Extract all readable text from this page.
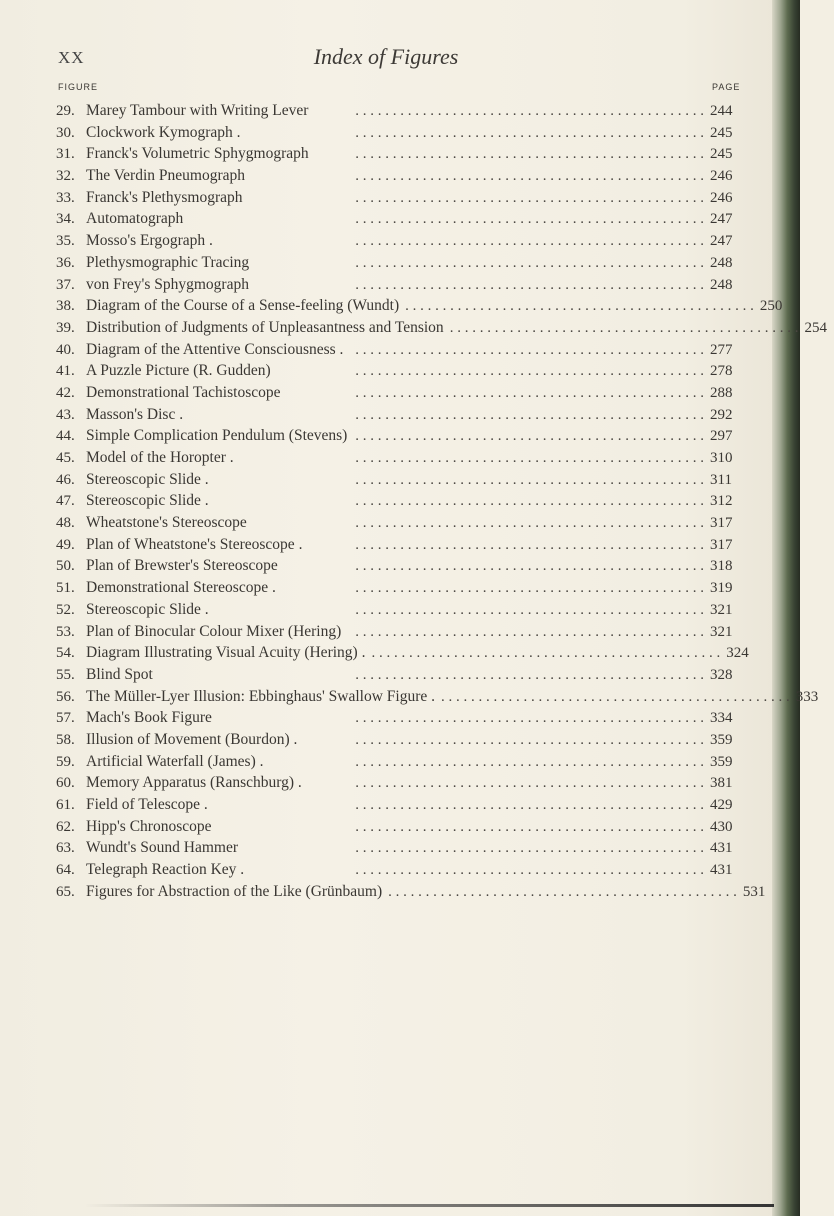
XX	Index of Figures
FIGURE	PAGE
29. Marey Tambour with Writing Lever	. . . . . . . . . . . . . . . . . . . . . . . . . . . . . . . . . . . . . . . . . . . . . . . 244
30. Clockwork Kymograph .	. . . . . . . . . . . . . . . . . . . . . . . . . . . . . . . . . . . . . . . . . . . . . . . 245
31. Franck's Volumetric Sphygmograph	. . . . . . . . . . . . . . . . . . . . . . . . . . . . . . . . . . . . . . . . . . . . . . . 245
32. The Verdin Pneumograph	. . . . . . . . . . . . . . . . . . . . . . . . . . . . . . . . . . . . . . . . . . . . . . . 246
33. Franck's Plethysmograph	. . . . . . . . . . . . . . . . . . . . . . . . . . . . . . . . . . . . . . . . . . . . . . . 246
34. Automatograph	. . . . . . . . . . . . . . . . . . . . . . . . . . . . . . . . . . . . . . . . . . . . . . . 247
35. Mosso's Ergograph .	. . . . . . . . . . . . . . . . . . . . . . . . . . . . . . . . . . . . . . . . . . . . . . . 247
36. Plethysmographic Tracing	. . . . . . . . . . . . . . . . . . . . . . . . . . . . . . . . . . . . . . . . . . . . . . . 248
37. von Frey's Sphygmograph	. . . . . . . . . . . . . . . . . . . . . . . . . . . . . . . . . . . . . . . . . . . . . . . 248
38. Diagram of the Course of a Sense-feeling (Wundt) . . . . . . . . . . . . . . . . . . . . . . . . . . . . . . . . . . . . . . . . . . . . . . . 250
39. Distribution of Judgments of Unpleasantness and Tension . . . . . . . . . . . . . . . . . . . . . . . . . . . . . . . . . . . . . . . . . . . . . . . 254
40. Diagram of the Attentive Consciousness . . . . . . . . . . . . . . . . . . . . . . . . . . . . . . . . . . . . . . . . . . . . . . . . 277
41. A Puzzle Picture (R. Gudden)	. . . . . . . . . . . . . . . . . . . . . . . . . . . . . . . . . . . . . . . . . . . . . . . 278
42. Demonstrational Tachistoscope	. . . . . . . . . . . . . . . . . . . . . . . . . . . . . . . . . . . . . . . . . . . . . . . 288
43. Masson's Disc .	. . . . . . . . . . . . . . . . . . . . . . . . . . . . . . . . . . . . . . . . . . . . . . . 292
44. Simple Complication Pendulum (Stevens) . . . . . . . . . . . . . . . . . . . . . . . . . . . . . . . . . . . . . . . . . . . . . . . 297
45. Model of the Horopter .	. . . . . . . . . . . . . . . . . . . . . . . . . . . . . . . . . . . . . . . . . . . . . . . 310
46. Stereoscopic Slide .	. . . . . . . . . . . . . . . . . . . . . . . . . . . . . . . . . . . . . . . . . . . . . . . 311
47. Stereoscopic Slide .	. . . . . . . . . . . . . . . . . . . . . . . . . . . . . . . . . . . . . . . . . . . . . . . 312
48. Wheatstone's Stereoscope	. . . . . . . . . . . . . . . . . . . . . . . . . . . . . . . . . . . . . . . . . . . . . . . 317
49. Plan of Wheatstone's Stereoscope .	. . . . . . . . . . . . . . . . . . . . . . . . . . . . . . . . . . . . . . . . . . . . . . . 317
50. Plan of Brewster's Stereoscope	. . . . . . . . . . . . . . . . . . . . . . . . . . . . . . . . . . . . . . . . . . . . . . . 318
51. Demonstrational Stereoscope .	. . . . . . . . . . . . . . . . . . . . . . . . . . . . . . . . . . . . . . . . . . . . . . . 319
52. Stereoscopic Slide .	. . . . . . . . . . . . . . . . . . . . . . . . . . . . . . . . . . . . . . . . . . . . . . . 321
53. Plan of Binocular Colour Mixer (Hering) . . . . . . . . . . . . . . . . . . . . . . . . . . . . . . . . . . . . . . . . . . . . . . . 321
54. Diagram Illustrating Visual Acuity (Hering) . . . . . . . . . . . . . . . . . . . . . . . . . . . . . . . . . . . . . . . . . . . . . . . . 324
55. Blind Spot	. . . . . . . . . . . . . . . . . . . . . . . . . . . . . . . . . . . . . . . . . . . . . . . 328
56. The Müller-Lyer Illusion: Ebbinghaus' Swallow Figure . . . . . . . . . . . . . . . . . . . . . . . . . . . . . . . . . . . . . . . . . . . . . . . . 333
57. Mach's Book Figure	. . . . . . . . . . . . . . . . . . . . . . . . . . . . . . . . . . . . . . . . . . . . . . . 334
58. Illusion of Movement (Bourdon) .	. . . . . . . . . . . . . . . . . . . . . . . . . . . . . . . . . . . . . . . . . . . . . . . 359
59. Artificial Waterfall (James) .	. . . . . . . . . . . . . . . . . . . . . . . . . . . . . . . . . . . . . . . . . . . . . . . 359
60. Memory Apparatus (Ranschburg) .	. . . . . . . . . . . . . . . . . . . . . . . . . . . . . . . . . . . . . . . . . . . . . . . 381
61. Field of Telescope .	. . . . . . . . . . . . . . . . . . . . . . . . . . . . . . . . . . . . . . . . . . . . . . . 429
62. Hipp's Chronoscope	. . . . . . . . . . . . . . . . . . . . . . . . . . . . . . . . . . . . . . . . . . . . . . . 430
63. Wundt's Sound Hammer	. . . . . . . . . . . . . . . . . . . . . . . . . . . . . . . . . . . . . . . . . . . . . . . 431
64. Telegraph Reaction Key .	. . . . . . . . . . . . . . . . . . . . . . . . . . . . . . . . . . . . . . . . . . . . . . . 431
65. Figures for Abstraction of the Like (Grünbaum) . . . . . . . . . . . . . . . . . . . . . . . . . . . . . . . . . . . . . . . . . . . . . . . 531
